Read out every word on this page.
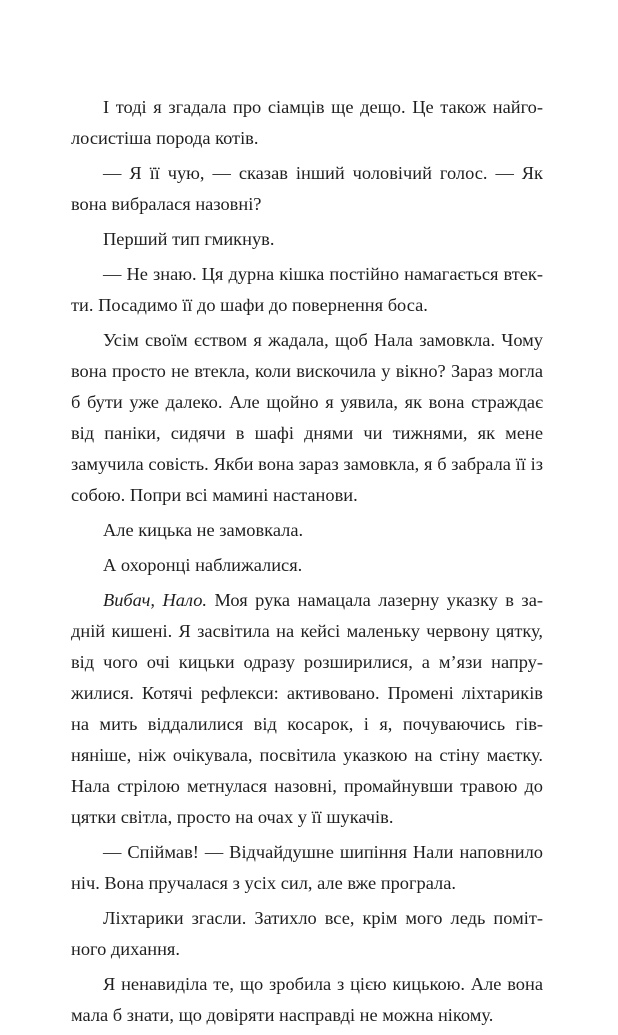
І тоді я згадала про сіамців ще дещо. Це також найголосистіша порода котів.

— Я її чую, — сказав інший чоловічий голос. — Як вона вибралася назовні?

Перший тип гмикнув.

— Не знаю. Ця дурна кішка постійно намагається втекти. Посадимо її до шафи до повернення боса.

Усім своїм єством я жадала, щоб Нала замовкла. Чому вона просто не втекла, коли вискочила у вікно? Зараз могла б бути уже далеко. Але щойно я уявила, як вона страждає від паніки, сидячи в шафі днями чи тижнями, як мене замучила совість. Якби вона зараз замовкла, я б забрала її із собою. Попри всі мамині настанови.

Але кицька не замовкала.

А охоронці наближалися.

Вибач, Нало. Моя рука намацала лазерну указку в задній кишені. Я засвітила на кейсі маленьку червону цятку, від чого очі кицьки одразу розширилися, а м’язи напружилися. Котячі рефлекси: активовано. Промені ліхтариків на мить віддалилися від косарок, і я, почуваючись гівняніше, ніж очікувала, посвітила указкою на стіну маєтку. Нала стрілою метнулася назовні, промайнувши травою до цятки світла, просто на очах у її шукачів.

— Спіймав! — Відчайдушне шипіння Нали наповнило ніч. Вона пручалася з усіх сил, але вже програла.

Ліхтарики згасли. Затихло все, крім мого ледь помітного дихання.

Я ненавиділа те, що зробила з цією кицькою. Але вона мала б знати, що довіряти насправді не можна нікому.
